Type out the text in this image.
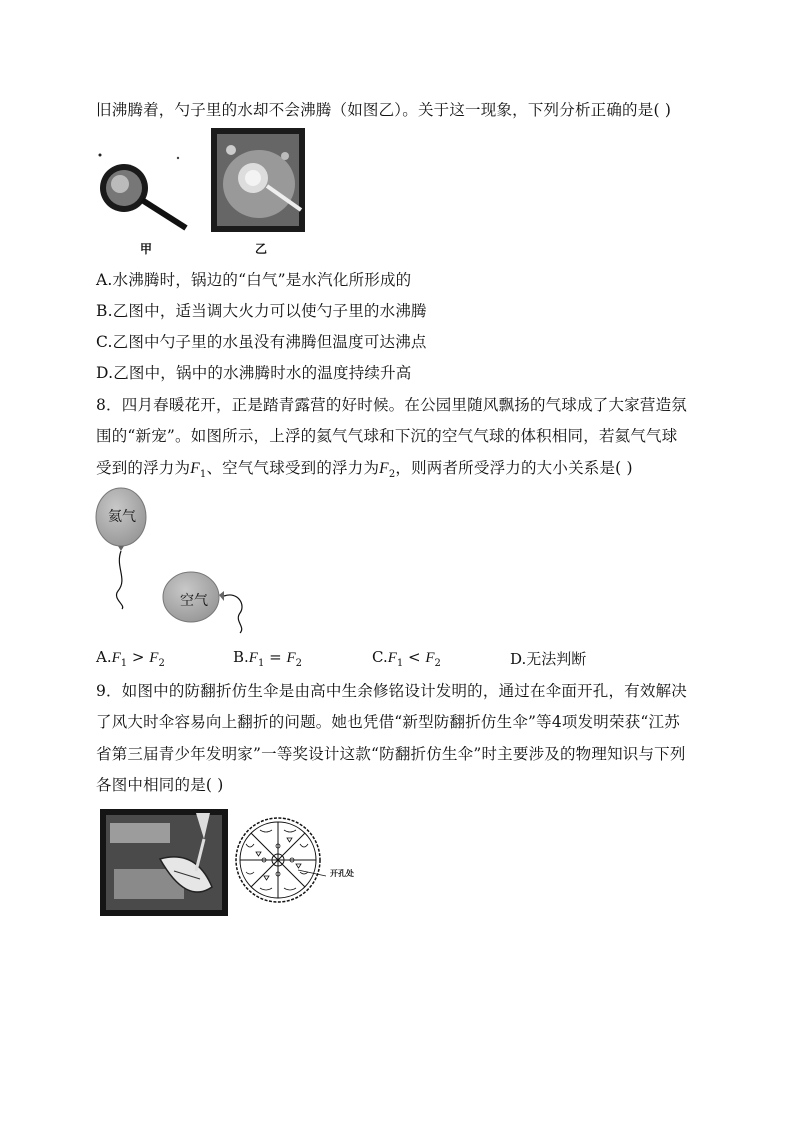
旧沸腾着，勺子里的水却不会沸腾（如图乙）。关于这一现象，下列分析正确的是( )
甲	乙
A.水沸腾时，锅边的“白气”是水汽化所形成的
B.乙图中，适当调大火力可以使勺子里的水沸腾
C.乙图中勺子里的水虽没有沸腾但温度可达沸点
D.乙图中，锅中的水沸腾时水的温度持续升高
8．四月春暖花开，正是踏青露营的好时候。在公园里随风飘扬的气球成了大家营造氛
围的“新宠”。如图所示，上浮的氦气气球和下沉的空气气球的体积相同，若氦气气球
受到的浮力为$F_1$、空气气球受到的浮力为$F_2$，则两者所受浮力的大小关系是( )
氦气
空气
$A.F_1 > F_2$	$B.F_1 = F_2$	$C.F_1 < F_2$	D.无法判断
9．如图中的防翻折仿生伞是由高中生余修铭设计发明的，通过在伞面开孔，有效解决
了风大时伞容易向上翻折的问题。她也凭借“新型防翻折仿生伞”等4项发明荣获“江苏
省第三届青少年发明家”一等奖设计这款“防翻折仿生伞”时主要涉及的物理知识与下列
各图中相同的是( )
开孔处
